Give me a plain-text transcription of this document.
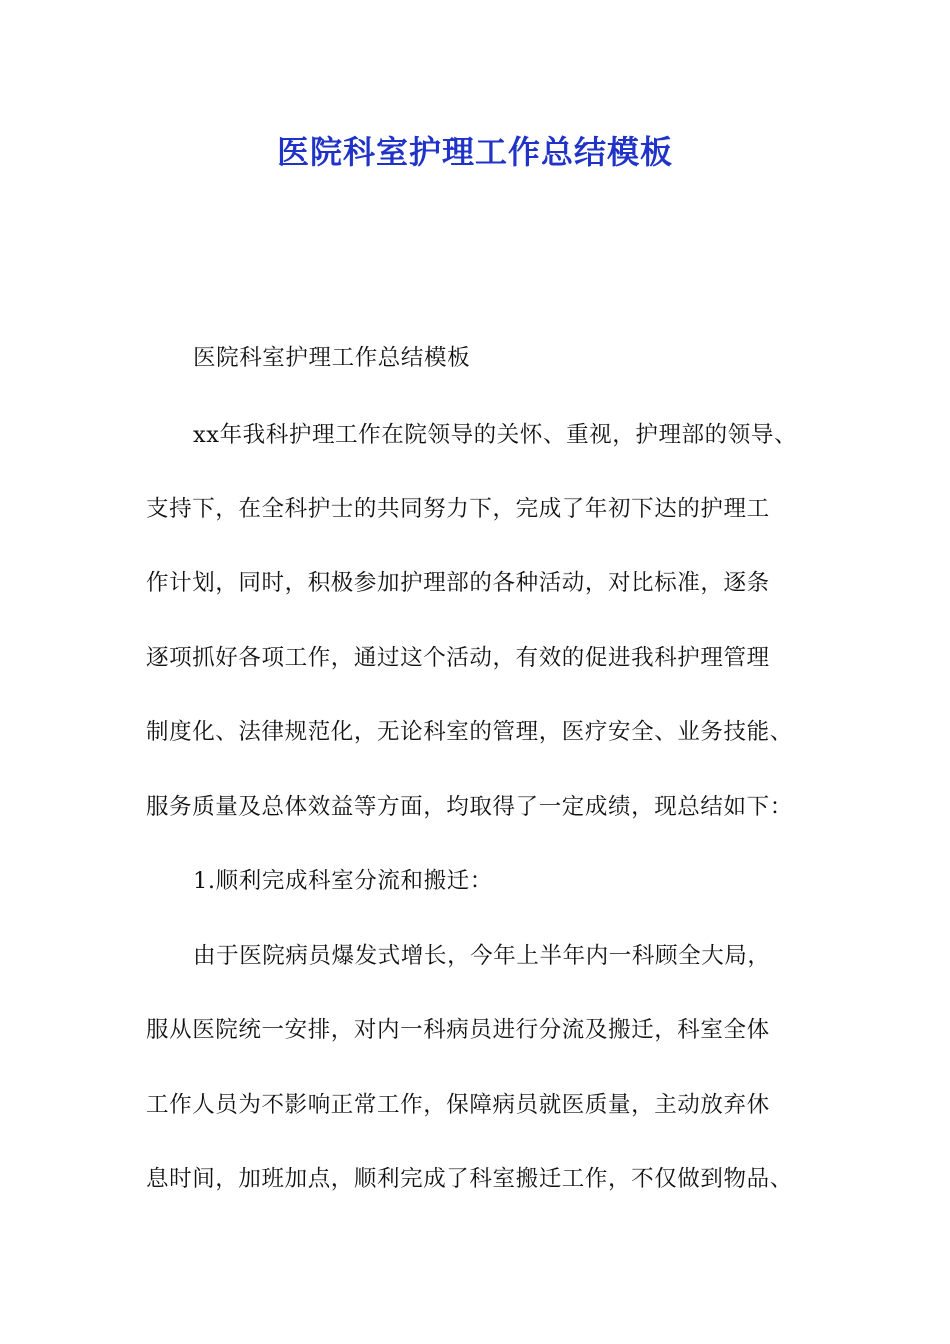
医院科室护理工作总结模板
医院科室护理工作总结模板
xx年我科护理工作在院领导的关怀、重视，护理部的领导、
支持下，在全科护士的共同努力下，完成了年初下达的护理工
作计划，同时，积极参加护理部的各种活动，对比标准，逐条
逐项抓好各项工作，通过这个活动，有效的促进我科护理管理
制度化、法律规范化，无论科室的管理，医疗安全、业务技能、
服务质量及总体效益等方面，均取得了一定成绩，现总结如下：
1.顺利完成科室分流和搬迁：
由于医院病员爆发式增长，今年上半年内一科顾全大局，
服从医院统一安排，对内一科病员进行分流及搬迁，科室全体
工作人员为不影响正常工作，保障病员就医质量，主动放弃休
息时间，加班加点，顺利完成了科室搬迁工作，不仅做到物品、
